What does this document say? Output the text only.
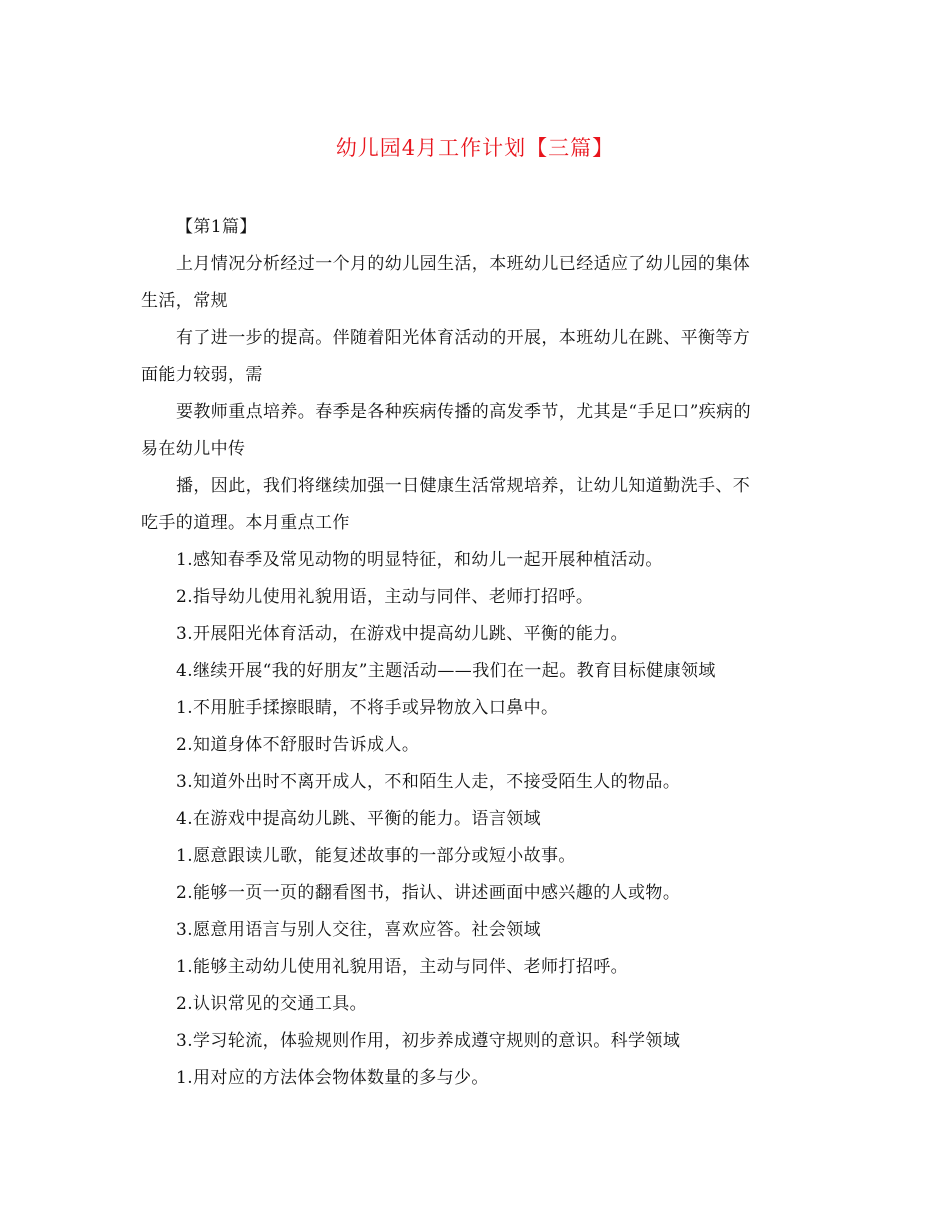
幼儿园4月工作计划【三篇】

【第1篇】

上月情况分析经过一个月的幼儿园生活，本班幼儿已经适应了幼儿园的集体
生活，常规

有了进一步的提高。伴随着阳光体育活动的开展，本班幼儿在跳、平衡等方
面能力较弱，需

要教师重点培养。春季是各种疾病传播的高发季节，尤其是“手足口”疾病的
易在幼儿中传

播，因此，我们将继续加强一日健康生活常规培养，让幼儿知道勤洗手、不
吃手的道理。本月重点工作

1.感知春季及常见动物的明显特征，和幼儿一起开展种植活动。

2.指导幼儿使用礼貌用语，主动与同伴、老师打招呼。

3.开展阳光体育活动，在游戏中提高幼儿跳、平衡的能力。

4.继续开展“我的好朋友”主题活动——我们在一起。教育目标健康领域

1.不用脏手揉擦眼睛，不将手或异物放入口鼻中。

2.知道身体不舒服时告诉成人。

3.知道外出时不离开成人，不和陌生人走，不接受陌生人的物品。

4.在游戏中提高幼儿跳、平衡的能力。语言领域

1.愿意跟读儿歌，能复述故事的一部分或短小故事。

2.能够一页一页的翻看图书，指认、讲述画面中感兴趣的人或物。

3.愿意用语言与别人交往，喜欢应答。社会领域

1.能够主动幼儿使用礼貌用语，主动与同伴、老师打招呼。

2.认识常见的交通工具。

3.学习轮流，体验规则作用，初步养成遵守规则的意识。科学领域

1.用对应的方法体会物体数量的多与少。
